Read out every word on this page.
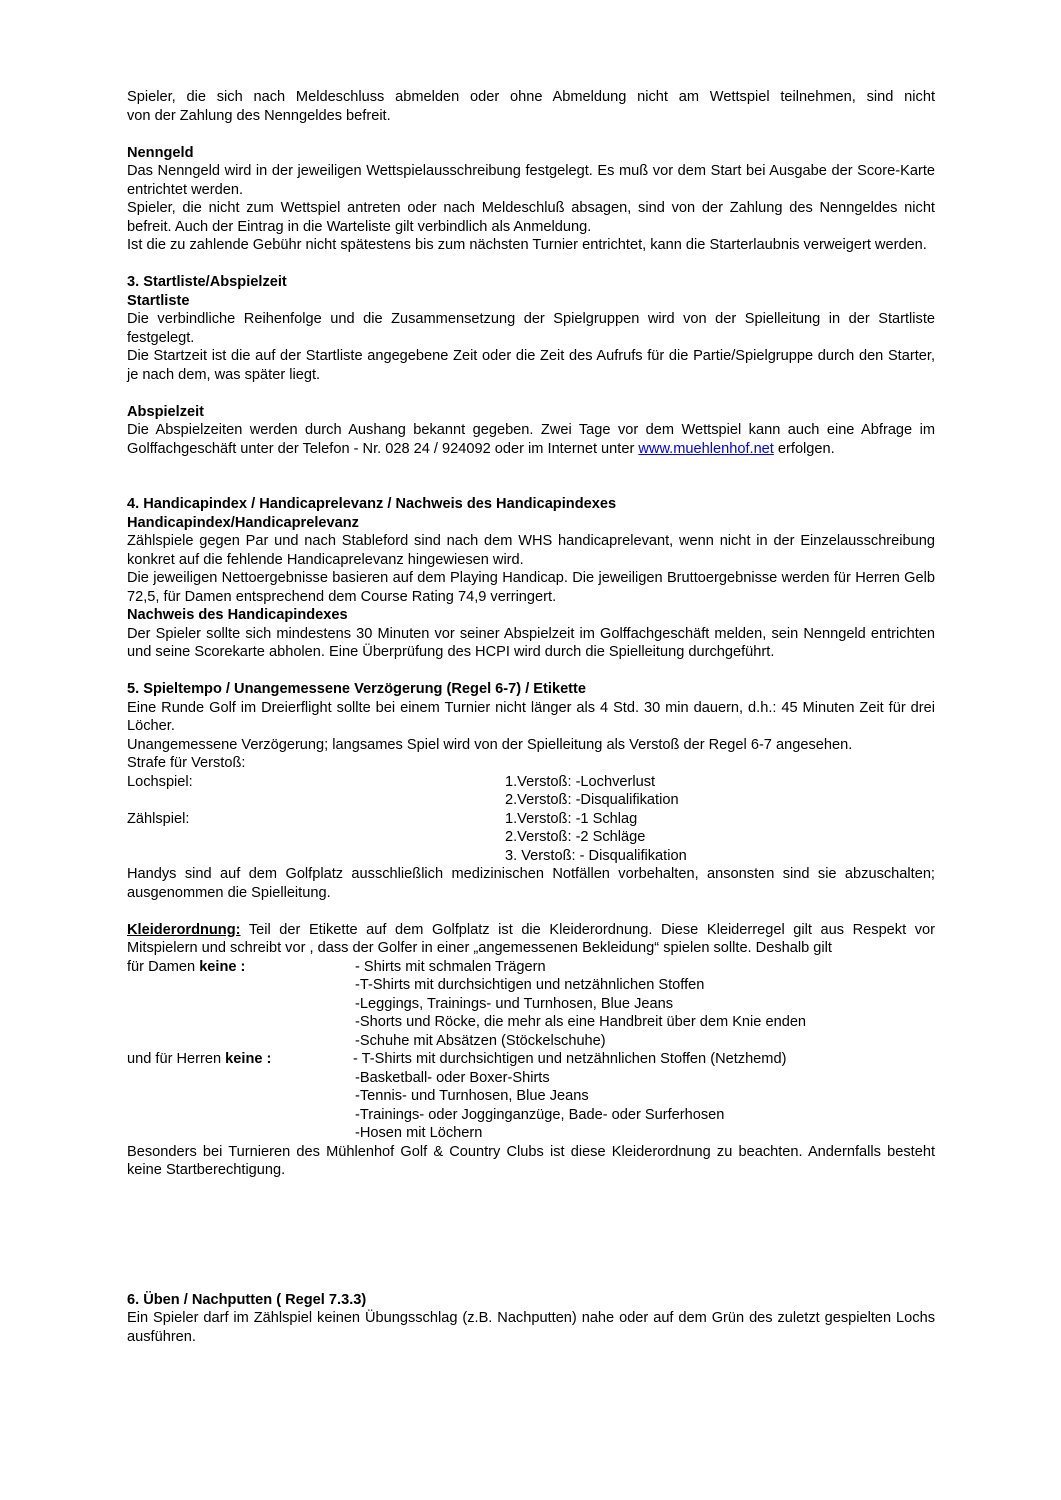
Spieler, die sich nach Meldeschluss abmelden oder ohne Abmeldung nicht am Wettspiel teilnehmen, sind nicht

von der Zahlung des Nenngeldes befreit.

Nenngeld

Das Nenngeld wird in der jeweiligen Wettspielausschreibung festgelegt. Es muß vor dem Start bei Ausgabe der Score-Karte entrichtet werden.

Spieler, die nicht zum Wettspiel antreten oder nach Meldeschluß absagen, sind von der Zahlung des Nenngeldes nicht befreit. Auch der Eintrag in die Warteliste gilt verbindlich als Anmeldung.

Ist die zu zahlende Gebühr nicht spätestens bis zum nächsten Turnier entrichtet, kann die Starterlaubnis verweigert werden.

3. Startliste/Abspielzeit

Startliste

Die verbindliche Reihenfolge und die Zusammensetzung der Spielgruppen wird von der Spielleitung in der Startliste festgelegt.

Die Startzeit ist die auf der Startliste angegebene Zeit oder die Zeit des Aufrufs für die Partie/Spielgruppe durch den Starter, je nach dem, was später liegt.

Abspielzeit

Die Abspielzeiten werden durch Aushang bekannt gegeben. Zwei Tage vor dem Wettspiel kann auch eine Abfrage im Golffachgeschäft unter der Telefon - Nr. 028 24 / 924092 oder im Internet unter www.muehlenhof.net erfolgen.

4. Handicapindex / Handicaprelevanz / Nachweis des Handicapindexes

Handicapindex/Handicaprelevanz

Zählspiele gegen Par und nach Stableford sind nach dem WHS handicaprelevant, wenn nicht in der Einzelausschreibung konkret auf die fehlende Handicaprelevanz hingewiesen wird.

Die jeweiligen Nettoergebnisse basieren auf dem Playing Handicap. Die jeweiligen Bruttoergebnisse werden für Herren Gelb 72,5, für Damen entsprechend dem Course Rating 74,9 verringert.

Nachweis des Handicapindexes

Der Spieler sollte sich mindestens 30 Minuten vor seiner Abspielzeit im Golffachgeschäft melden, sein Nenngeld entrichten und seine Scorekarte abholen. Eine Überprüfung des HCPI wird durch die Spielleitung durchgeführt.

5. Spieltempo / Unangemessene Verzögerung (Regel 6-7) / Etikette

Eine Runde Golf im Dreierflight sollte bei einem Turnier nicht länger als 4 Std. 30 min dauern, d.h.: 45 Minuten Zeit für drei Löcher.

Unangemessene Verzögerung; langsames Spiel wird von der Spielleitung als Verstoß der Regel 6-7 angesehen.

Strafe für Verstoß:

Lochspiel:	1.Verstoß: -Lochverlust
2.Verstoß: -Disqualifikation
Zählspiel:	1.Verstoß: -1 Schlag
2.Verstoß: -2 Schläge
3. Verstoß: - Disqualifikation

Handys sind auf dem Golfplatz ausschließlich medizinischen Notfällen vorbehalten, ansonsten sind sie abzuschalten; ausgenommen die Spielleitung.

Kleiderordnung: Teil der Etikette auf dem Golfplatz ist die Kleiderordnung. Diese Kleiderregel gilt aus Respekt vor Mitspielern und schreibt vor , dass der Golfer in einer „angemessenen Bekleidung“ spielen sollte. Deshalb gilt

für Damen keine :	- Shirts mit schmalen Trägern
-T-Shirts mit durchsichtigen und netzähnlichen Stoffen
-Leggings, Trainings- und Turnhosen, Blue Jeans
-Shorts und Röcke, die mehr als eine Handbreit über dem Knie enden
-Schuhe mit Absätzen (Stöckelschuhe)
und für Herren keine :	- T-Shirts mit durchsichtigen und netzähnlichen Stoffen (Netzhemd)
-Basketball- oder Boxer-Shirts
-Tennis- und Turnhosen, Blue Jeans
-Trainings- oder Jogginganzüge, Bade- oder Surferhosen
-Hosen mit Löchern

Besonders bei Turnieren des Mühlenhof Golf & Country Clubs ist diese Kleiderordnung zu beachten. Andernfalls besteht keine Startberechtigung.

6. Üben / Nachputten ( Regel 7.3.3)

Ein Spieler darf im Zählspiel keinen Übungsschlag (z.B. Nachputten) nahe oder auf dem Grün des zuletzt gespielten Lochs ausführen.
